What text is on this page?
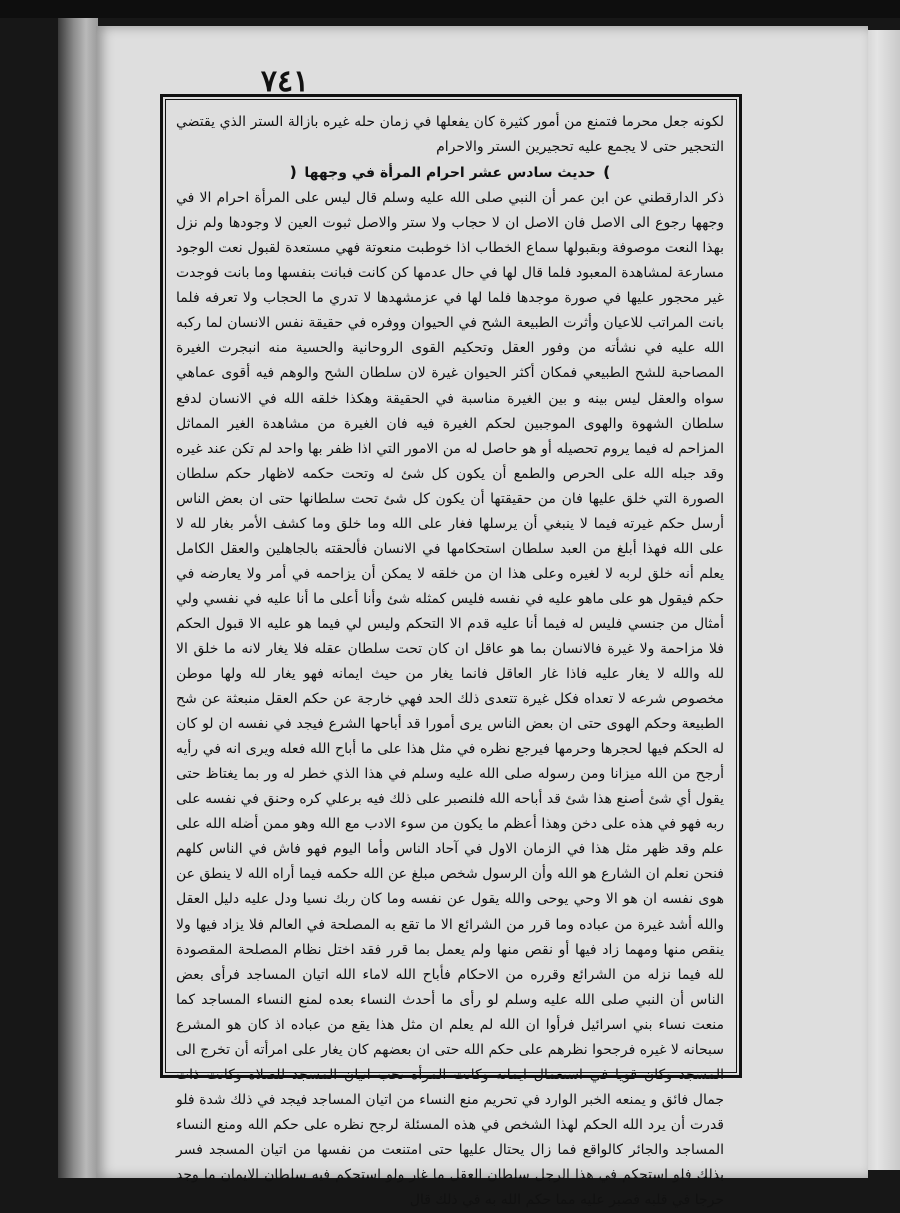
٧٤١

لكونه جعل محرما فتمنع من أمور كثيرة كان يفعلها في زمان حله غيره بازالة الستر الذي يقتضي التحجير حتى لا يجمع عليه تحجيرين الستر والاحرام

❫ حديث سادس عشر احرام المرأة في وجهها ❪

ذكر الدارقطني عن ابن عمر أن النبي صلى الله عليه وسلم قال ليس على المرأة احرام الا في وجهها رجوع الى الاصل فان الاصل ان لا حجاب ولا ستر والاصل ثبوت العين لا وجودها ولم نزل بهذا النعت موصوفة وبقبولها سماع الخطاب اذا خوطبت منعوتة فهي مستعدة لقبول نعت الوجود مسارعة لمشاهدة المعبود فلما قال لها في حال عدمها كن كانت فبانت بنفسها وما بانت فوجدت غير محجور عليها في صورة موجدها فلما لها في عزمشهدها لا تدري ما الحجاب ولا تعرفه فلما بانت المراتب للاعيان وأثرت الطبيعة الشح في الحيوان ووفره في حقيقة نفس الانسان لما ركبه الله عليه في نشأته من وفور العقل وتحكيم القوى الروحانية والحسية منه انبجرت الغيرة المصاحبة للشح الطبيعي فمكان أكثر الحيوان غيرة لان سلطان الشح والوهم فيه أقوى عماهي سواه والعقل ليس بينه و بين الغيرة مناسبة في الحقيقة وهكذا خلقه الله في الانسان لدفع سلطان الشهوة والهوى الموجبين لحكم الغيرة فيه فان الغيرة من مشاهدة الغير المماثل المزاحم له فيما يروم تحصيله أو هو حاصل له من الامور التي اذا ظفر بها واحد لم تكن عند غيره وقد جبله الله على الحرص والطمع أن يكون كل شئ له وتحت حكمه لاظهار حكم سلطان الصورة التي خلق عليها فان من حقيقتها أن يكون كل شئ تحت سلطانها حتى ان بعض الناس أرسل حكم غيرته فيما لا ينبغي أن يرسلها فغار على الله وما خلق وما كشف الأمر بغار لله لا على الله فهذا أبلغ من العبد سلطان استحكامها في الانسان فألحقته بالجاهلين والعقل الكامل يعلم أنه خلق لربه لا لغيره وعلى هذا ان من خلقه لا يمكن أن يزاحمه في أمر ولا يعارضه في حكم فيقول هو على ماهو عليه في نفسه فليس كمثله شئ وأنا أعلى ما أنا عليه في نفسي ولي أمثال من جنسي فليس له فيما أنا عليه قدم الا التحكم وليس لي فيما هو عليه الا قبول الحكم فلا مزاحمة ولا غيرة فالانسان بما هو عاقل ان كان تحت سلطان عقله فلا يغار لانه ما خلق الا لله والله لا يغار عليه فاذا غار العاقل فانما يغار من حيث ايمانه فهو يغار لله ولها موطن مخصوص شرعه لا تعداه فكل غيرة تتعدى ذلك الحد فهي خارجة عن حكم العقل منبعثة عن شح الطبيعة وحكم الهوى حتى ان بعض الناس يرى أمورا قد أباحها الشرع فيجد في نفسه ان لو كان له الحكم فيها لحجرها وحرمها فيرجع نظره في مثل هذا على ما أباح الله فعله ويرى انه في رأيه أرجح من الله ميزانا ومن رسوله صلى الله عليه وسلم في هذا الذي خطر له ور بما يغتاظ حتى يقول أي شئ أصنع هذا شئ قد أباحه الله فلنصبر على ذلك فيه برعلي كره وحنق في نفسه على ربه فهو في هذه على دخن وهذا أعظم ما يكون من سوء الادب مع الله وهو ممن أضله الله على علم وقد ظهر مثل هذا في الزمان الاول في آحاد الناس وأما اليوم فهو فاش في الناس كلهم فنحن نعلم ان الشارع هو الله وأن الرسول شخص مبلغ عن الله حكمه فيما أراه الله لا ينطق عن هوى نفسه ان هو الا وحي يوحى والله يقول عن نفسه وما كان ربك نسيا ودل عليه دليل العقل والله أشد غيرة من عباده وما قرر من الشرائع الا ما تقع به المصلحة في العالم فلا يزاد فيها ولا ينقص منها ومهما زاد فيها أو نقص منها ولم يعمل بما قرر فقد اختل نظام المصلحة المقصودة لله فيما نزله من الشرائع وقرره من الاحكام فأباح الله لاماء الله اتيان المساجد فرأى بعض الناس أن النبي صلى الله عليه وسلم لو رأى ما أحدث النساء بعده لمنع النساء المساجد كما منعت نساء بني اسرائيل فرأوا ان الله لم يعلم ان مثل هذا يقع من عباده اذ كان هو المشرع سبحانه لا غيره فرجحوا نظرهم على حكم الله حتى ان بعضهم كان يغار على امرأته أن تخرج الى المسجد وكان قويا في استعمال ايمانه وكانت المرأة تحب اتيان المسجد للصلاة وكانت ذات جمال فائق و يمنعه الخبر الوارد في تحريم منع النساء من اتيان المساجد فيجد في ذلك شدة فلو قدرت أن يرد الله الحكم لهذا الشخص في هذه المسئلة لرجح نظره على حكم الله ومنع النساء المساجد والجائر كالواقع فما زال يحتال عليها حتى امتنعت من نفسها من اتيان المسجد فسر بذلك فلو استحكم في هذا الرجل سلطان العقل ما غار ولو استحكم فيه سلطان الايمان ما وجد حرجا في قلبه فصبر عليه مما حكم الله به في ذلك قال
